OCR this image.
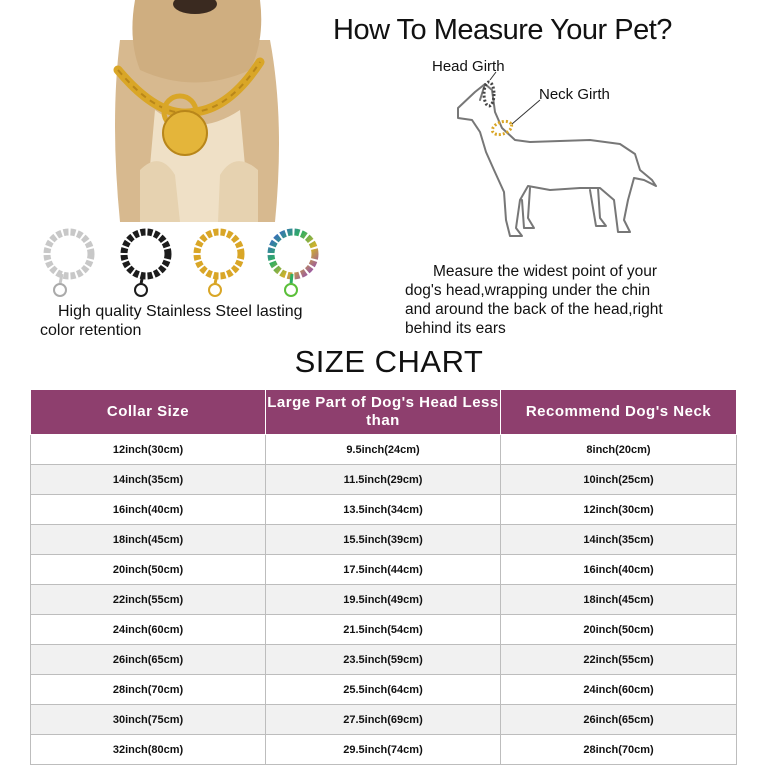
High quality Stainless Steel lasting
color retention
How To Measure Your Pet?
Head Girth
Neck Girth
Measure the widest point of your
dog's head,wrapping under the chin
and around the back of the head,right
behind its ears
SIZE CHART
Collar Size	Large Part of Dog's Head Less than	Recommend Dog's Neck
12inch(30cm)	9.5inch(24cm)	8inch(20cm)
14inch(35cm)	11.5inch(29cm)	10inch(25cm)
16inch(40cm)	13.5inch(34cm)	12inch(30cm)
18inch(45cm)	15.5inch(39cm)	14inch(35cm)
20inch(50cm)	17.5inch(44cm)	16inch(40cm)
22inch(55cm)	19.5inch(49cm)	18inch(45cm)
24inch(60cm)	21.5inch(54cm)	20inch(50cm)
26inch(65cm)	23.5inch(59cm)	22inch(55cm)
28inch(70cm)	25.5inch(64cm)	24inch(60cm)
30inch(75cm)	27.5inch(69cm)	26inch(65cm)
32inch(80cm)	29.5inch(74cm)	28inch(70cm)
